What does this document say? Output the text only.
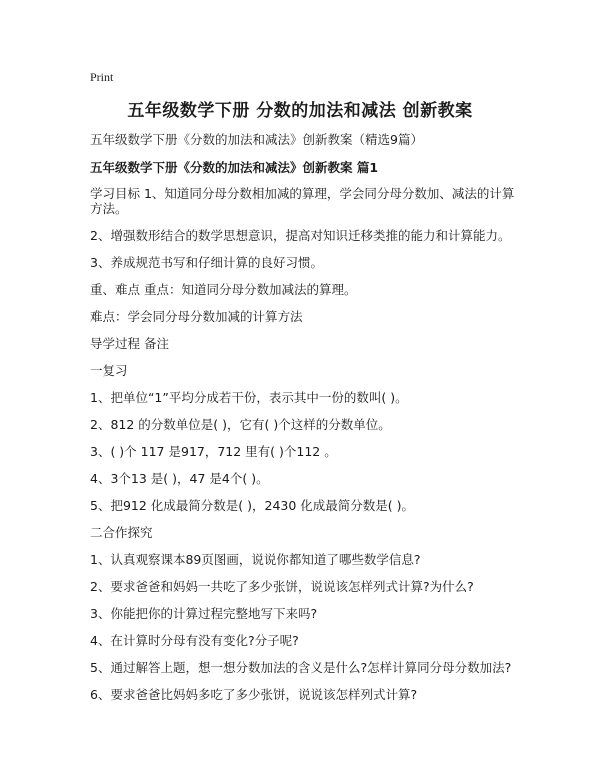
Print
五年级数学下册 分数的加法和减法 创新教案
五年级数学下册《分数的加法和减法》创新教案（精选9篇）
五年级数学下册《分数的加法和减法》创新教案 篇1

学习目标 1、知道同分母分数相加减的算理，学会同分母分数加、减法的计算方法。

2、增强数形结合的数学思想意识，提高对知识迁移类推的能力和计算能力。

3、养成规范书写和仔细计算的良好习惯。

重、难点 重点：知道同分母分数加减法的算理。

难点：学会同分母分数加减的计算方法

导学过程 备注

一复习

1、把单位“1”平均分成若干份，表示其中一份的数叫( )。

2、812 的分数单位是( )，它有( )个这样的分数单位。

3、( )个 117 是917，712 里有( )个112 。

4、3个13 是( )，47 是4个( )。

5、把912 化成最简分数是( )，2430 化成最简分数是( )。

二合作探究

1、认真观察课本89页图画，说说你都知道了哪些数学信息?

2、要求爸爸和妈妈一共吃了多少张饼，说说该怎样列式计算?为什么?

3、你能把你的计算过程完整地写下来吗?

4、在计算时分母有没有变化?分子呢?

5、通过解答上题，想一想分数加法的含义是什么?怎样计算同分母分数加法?

6、要求爸爸比妈妈多吃了多少张饼，说说该怎样列式计算?
